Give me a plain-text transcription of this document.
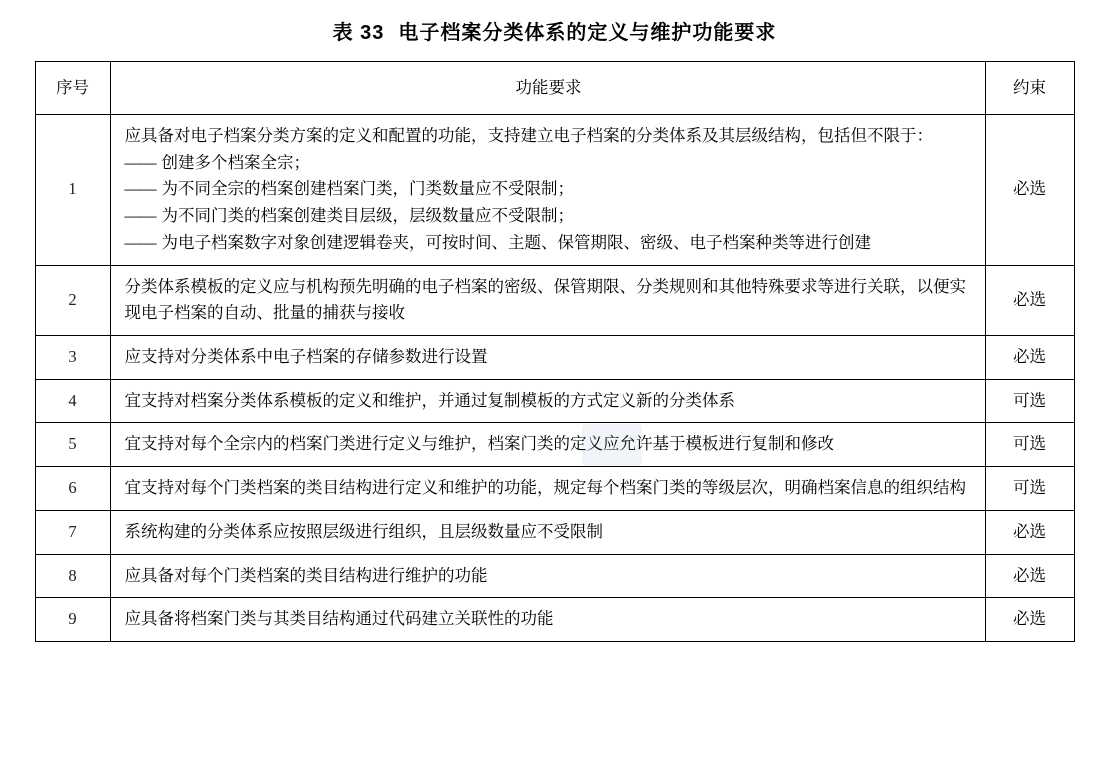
表 33 电子档案分类体系的定义与维护功能要求
序号	功能要求	约束
1	应具备对电子档案分类方案的定义和配置的功能，支持建立电子档案的分类体系及其层级结构，包括但不限于：
—— 创建多个档案全宗；
—— 为不同全宗的档案创建档案门类，门类数量应不受限制；
—— 为不同门类的档案创建类目层级，层级数量应不受限制；
—— 为电子档案数字对象创建逻辑卷夹，可按时间、主题、保管期限、密级、电子档案种类等进行创建	必选
2	分类体系模板的定义应与机构预先明确的电子档案的密级、保管期限、分类规则和其他特殊要求等进行关联，以便实现电子档案的自动、批量的捕获与接收	必选
3	应支持对分类体系中电子档案的存储参数进行设置	必选
4	宜支持对档案分类体系模板的定义和维护，并通过复制模板的方式定义新的分类体系	可选
5	宜支持对每个全宗内的档案门类进行定义与维护，档案门类的定义应允许基于模板进行复制和修改	可选
6	宜支持对每个门类档案的类目结构进行定义和维护的功能，规定每个档案门类的等级层次，明确档案信息的组织结构	可选
7	系统构建的分类体系应按照层级进行组织，且层级数量应不受限制	必选
8	应具备对每个门类档案的类目结构进行维护的功能	必选
9	应具备将档案门类与其类目结构通过代码建立关联性的功能	必选
